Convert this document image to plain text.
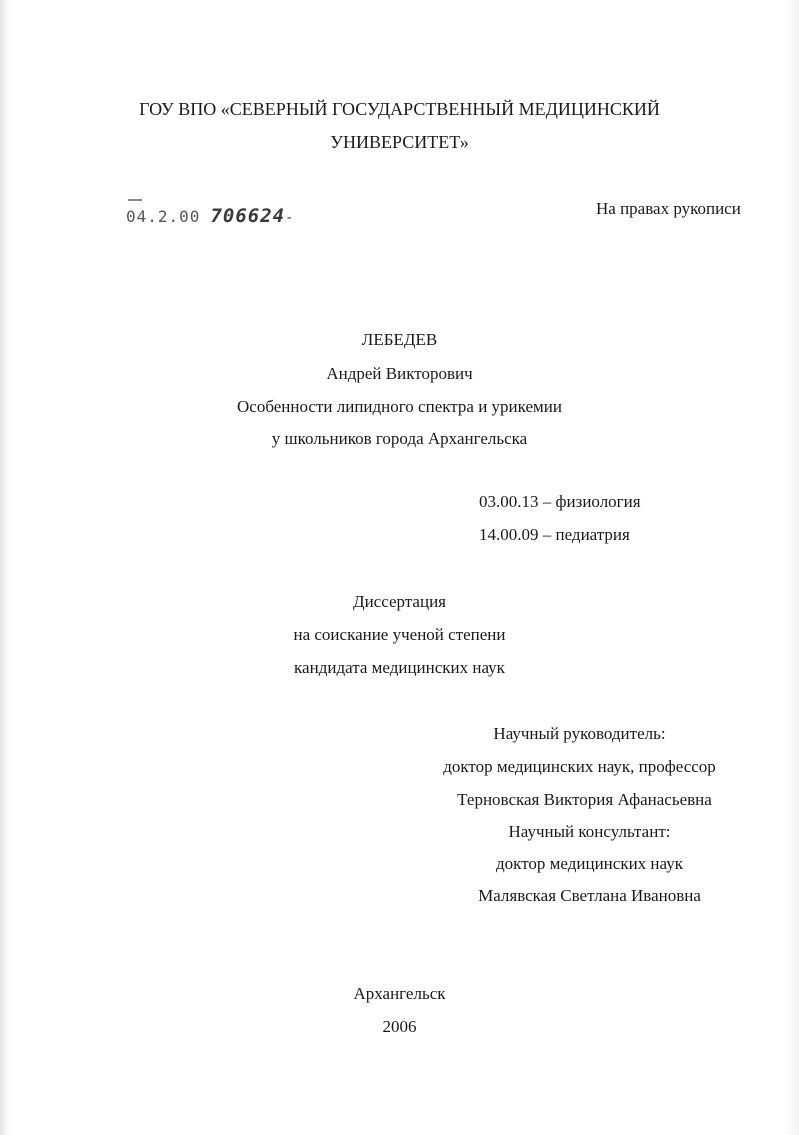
ГОУ ВПО «СЕВЕРНЫЙ ГОСУДАРСТВЕННЫЙ МЕДИЦИНСКИЙ
УНИВЕРСИТЕТ»
04.2.00 706624-	На правах рукописи
ЛЕБЕДЕВ
Андрей Викторович
Особенности липидного спектра и урикемии
у школьников города Архангельска
03.00.13 – физиология
14.00.09 – педиатрия
Диссертация
на соискание ученой степени
кандидата медицинских наук
Научный руководитель:
доктор медицинских наук, профессор
Терновская Виктория Афанасьевна
Научный консультант:
доктор медицинских наук
Малявская Светлана Ивановна
Архангельск
2006
